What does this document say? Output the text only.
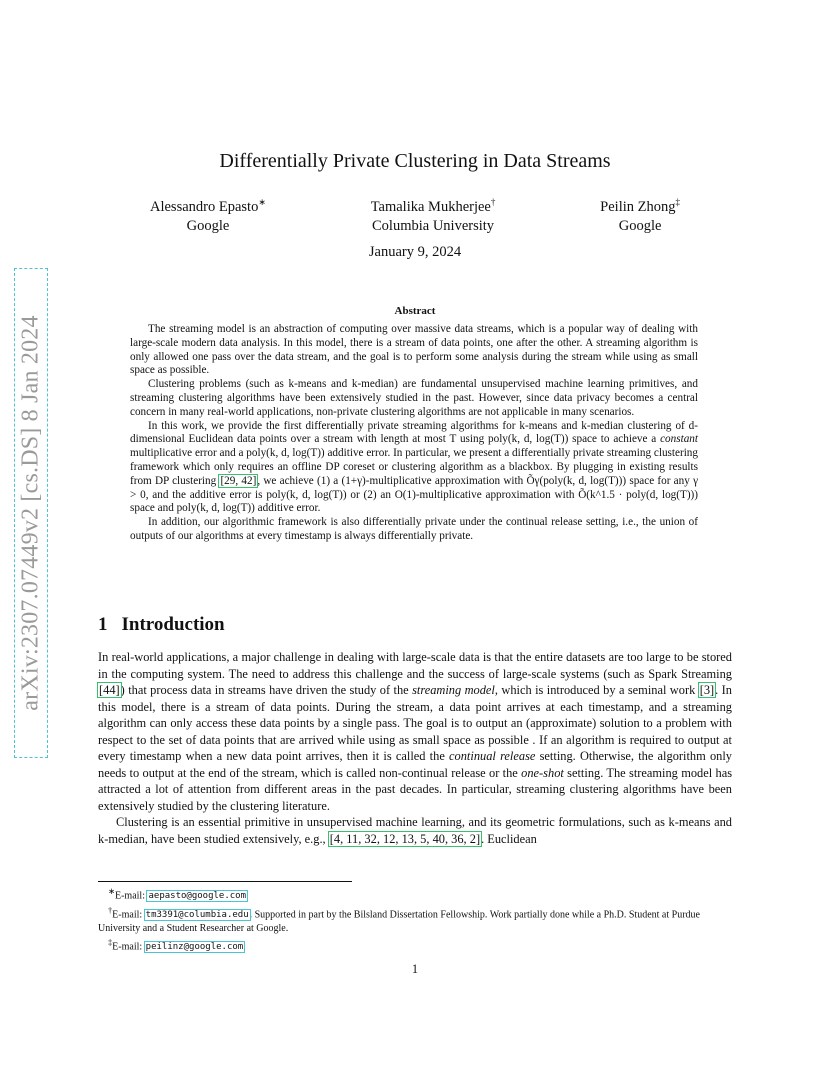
arXiv:2307.07449v2 [cs.DS] 8 Jan 2024
Differentially Private Clustering in Data Streams
Alessandro Epasto∗
Google
Tamalika Mukherjee†
Columbia University
Peilin Zhong‡
Google
January 9, 2024
Abstract

The streaming model is an abstraction of computing over massive data streams, which is a popular way of dealing with large-scale modern data analysis. In this model, there is a stream of data points, one after the other. A streaming algorithm is only allowed one pass over the data stream, and the goal is to perform some analysis during the stream while using as small space as possible.

Clustering problems (such as k-means and k-median) are fundamental unsupervised machine learning primitives, and streaming clustering algorithms have been extensively studied in the past. However, since data privacy becomes a central concern in many real-world applications, non-private clustering algorithms are not applicable in many scenarios.

In this work, we provide the first differentially private streaming algorithms for k-means and k-median clustering of d-dimensional Euclidean data points over a stream with length at most T using poly(k, d, log(T)) space to achieve a constant multiplicative error and a poly(k, d, log(T)) additive error. In particular, we present a differentially private streaming clustering framework which only requires an offline DP coreset or clustering algorithm as a blackbox. By plugging in existing results from DP clustering [29, 42], we achieve (1) a (1+γ)-multiplicative approximation with Õγ(poly(k, d, log(T))) space for any γ > 0, and the additive error is poly(k, d, log(T)) or (2) an O(1)-multiplicative approximation with Õ(k^1.5 · poly(d, log(T))) space and poly(k, d, log(T)) additive error.

In addition, our algorithmic framework is also differentially private under the continual release setting, i.e., the union of outputs of our algorithms at every timestamp is always differentially private.

1 Introduction

In real-world applications, a major challenge in dealing with large-scale data is that the entire datasets are too large to be stored in the computing system. The need to address this challenge and the success of large-scale systems (such as Spark Streaming [44]) that process data in streams have driven the study of the streaming model, which is introduced by a seminal work [3]. In this model, there is a stream of data points. During the stream, a data point arrives at each timestamp, and a streaming algorithm can only access these data points by a single pass. The goal is to output an (approximate) solution to a problem with respect to the set of data points that are arrived while using as small space as possible . If an algorithm is required to output at every timestamp when a new data point arrives, then it is called the continual release setting. Otherwise, the algorithm only needs to output at the end of the stream, which is called non-continual release or the one-shot setting. The streaming model has attracted a lot of attention from different areas in the past decades. In particular, streaming clustering algorithms have been extensively studied by the clustering literature.

Clustering is an essential primitive in unsupervised machine learning, and its geometric formulations, such as k-means and k-median, have been studied extensively, e.g., [4, 11, 32, 12, 13, 5, 40, 36, 2]. Euclidean

∗E-mail: aepasto@google.com

†E-mail: tm3391@columbia.edu. Supported in part by the Bilsland Dissertation Fellowship. Work partially done while a Ph.D. Student at Purdue University and a Student Researcher at Google.

‡E-mail: peilinz@google.com

1
